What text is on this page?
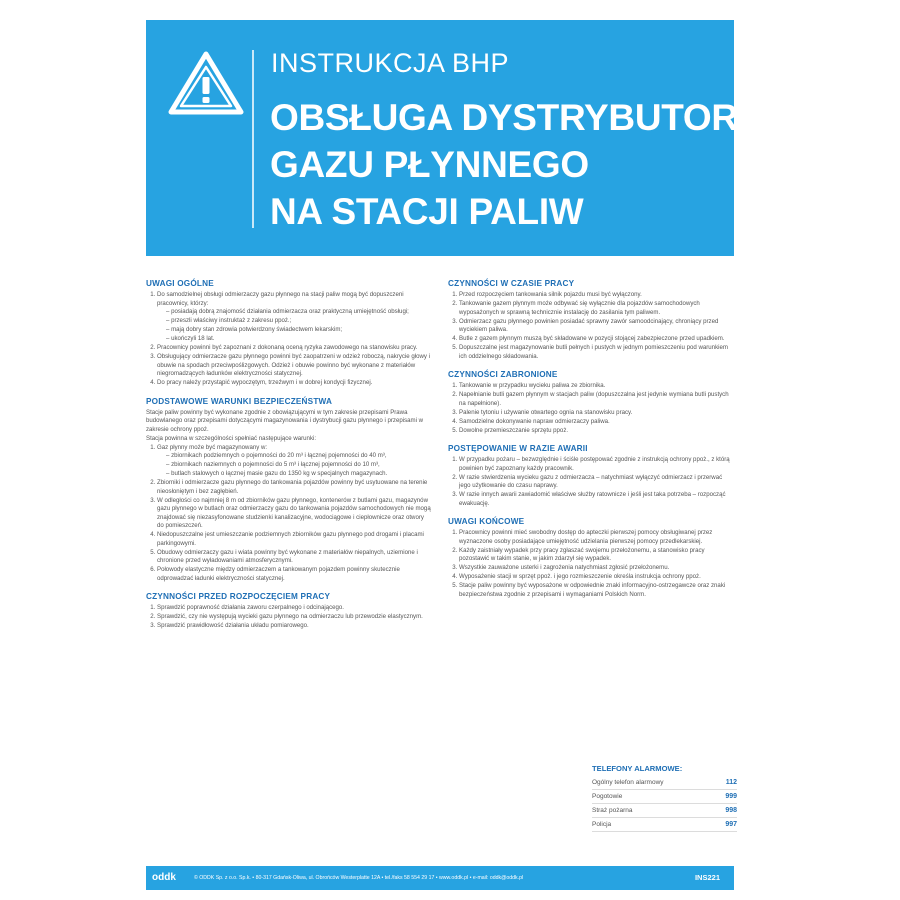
INSTRUKCJA BHP
OBSŁUGA DYSTRYBUTORÓW
GAZU PŁYNNEGO
NA STACJI PALIW
UWAGI OGÓLNE
1. Do samodzielnej obsługi odmierzaczy gazu płynnego na stacji paliw mogą być dopuszczeni pracownicy, którzy:
– posiadają dobrą znajomość działania odmierzacza oraz praktyczną umiejętność obsługi;
– przeszli właściwy instruktaż z zakresu ppoż.;
– mają dobry stan zdrowia potwierdzony świadectwem lekarskim;
– ukończyli 18 lat.
2. Pracownicy powinni być zapoznani z dokonaną oceną ryzyka zawodowego na stanowisku pracy.
3. Obsługujący odmierzacze gazu płynnego powinni być zaopatrzeni w odzież roboczą, nakrycie głowy i obuwie na spodach przeciwpoślizgowych. Odzież i obuwie powinno być wykonane z materiałów niegromadzących ładunków elektryczności statycznej.
4. Do pracy należy przystąpić wypoczętym, trzeźwym i w dobrej kondycji fizycznej.
PODSTAWOWE WARUNKI BEZPIECZEŃSTWA
Stacje paliw powinny być wykonane zgodnie z obowiązującymi w tym zakresie przepisami Prawa budowlanego oraz przepisami dotyczącymi magazynowania i dystrybucji gazu płynnego i przepisami w zakresie ochrony ppoż.
Stacja powinna w szczególności spełniać następujące warunki:
1. Gaz płynny może być magazynowany w:
– zbiornikach podziemnych o pojemności do 20 m³ i łącznej pojemności do 40 m³,
– zbiornikach naziemnych o pojemności do 5 m³ i łącznej pojemności do 10 m³,
– butlach stalowych o łącznej masie gazu do 1350 kg w specjalnych magazynach.
2. Zbiorniki i odmierzacze gazu płynnego do tankowania pojazdów powinny być usytuowane na terenie nieosłoniętym i bez zagłębień.
3. W odległości co najmniej 8 m od zbiorników gazu płynnego, kontenerów z butlami gazu, magazynów gazu płynnego w butlach oraz odmierzaczy gazu do tankowania pojazdów samochodowych nie mogą znajdować się niezasyfonowane studzienki kanalizacyjne, wodociągowe i ciepłownicze oraz otwory do pomieszczeń.
4. Niedopuszczalne jest umieszczanie podziemnych zbiorników gazu płynnego pod drogami i placami parkingowymi.
5. Obudowy odmierzaczy gazu i wiata powinny być wykonane z materiałów niepalnych, uziemione i chronione przed wyładowaniami atmosferycznymi.
6. Połowody elastyczne między odmierzaczem a tankowanym pojazdem powinny skutecznie odprowadzać ładunki elektryczności statycznej.
CZYNNOŚCI PRZED ROZPOCZĘCIEM PRACY
1. Sprawdzić poprawność działania zaworu czerpalnego i odcinającego.
2. Sprawdzić, czy nie występują wycieki gazu płynnego na odmierzaczu lub przewodzie elastycznym.
3. Sprawdzić prawidłowość działania układu pomiarowego.
CZYNNOŚCI W CZASIE PRACY
1. Przed rozpoczęciem tankowania silnik pojazdu musi być wyłączony.
2. Tankowanie gazem płynnym może odbywać się wyłącznie dla pojazdów samochodowych wyposażonych w sprawną technicznie instalację do zasilania tym paliwem.
3. Odmierzacz gazu płynnego powinien posiadać sprawny zawór samoodcinający, chroniący przed wyciekiem paliwa.
4. Butle z gazem płynnym muszą być składowane w pozycji stojącej zabezpieczone przed upadkiem.
5. Dopuszczalne jest magazynowanie butli pełnych i pustych w jednym pomieszczeniu pod warunkiem ich oddzielnego składowania.
CZYNNOŚCI ZABRONIONE
1. Tankowanie w przypadku wycieku paliwa ze zbiornika.
2. Napełnianie butli gazem płynnym w stacjach paliw (dopuszczalna jest jedynie wymiana butli pustych na napełnione).
3. Palenie tytoniu i używanie otwartego ognia na stanowisku pracy.
4. Samodzielne dokonywanie napraw odmierzaczy paliwa.
5. Dowolne przemieszczanie sprzętu ppoż.
POSTĘPOWANIE W RAZIE AWARII
1. W przypadku pożaru – bezwzględnie i ściśle postępować zgodnie z instrukcją ochrony ppoż., z którą powinien być zapoznany każdy pracownik.
2. W razie stwierdzenia wycieku gazu z odmierzacza – natychmiast wyłączyć odmierzacz i przerwać jego użytkowanie do czasu naprawy.
3. W razie innych awarii zawiadomić właściwe służby ratownicze i jeśli jest taka potrzeba – rozpocząć ewakuację.
UWAGI KOŃCOWE
1. Pracownicy powinni mieć swobodny dostęp do apteczki pierwszej pomocy obsługiwanej przez wyznaczone osoby posiadające umiejętność udzielania pierwszej pomocy przedlekarskiej.
2. Każdy zaistniały wypadek przy pracy zgłaszać swojemu przełożonemu, a stanowisko pracy pozostawić w takim stanie, w jakim zdarzył się wypadek.
3. Wszystkie zauważone usterki i zagrożenia natychmiast zgłosić przełożonemu.
4. Wyposażenie stacji w sprzęt ppoż. i jego rozmieszczenie określa instrukcja ochrony ppoż.
5. Stacje paliw powinny być wyposażone w odpowiednie znaki informacyjno-ostrzegawcze oraz znaki bezpieczeństwa zgodnie z przepisami i wymaganiami Polskich Norm.
TELEFONY ALARMOWE:
Ogólny telefon alarmowy	112
Pogotowie	999
Straż pożarna	998
Policja	997
oddk	© ODDK Sp. z o.o. Sp.k. • 80-317 Gdańsk-Oliwa, ul. Obrońców Westerplatte 12A • tel./faks 58 554 29 17 • www.oddk.pl • e-mail: oddk@oddk.pl	INS221
